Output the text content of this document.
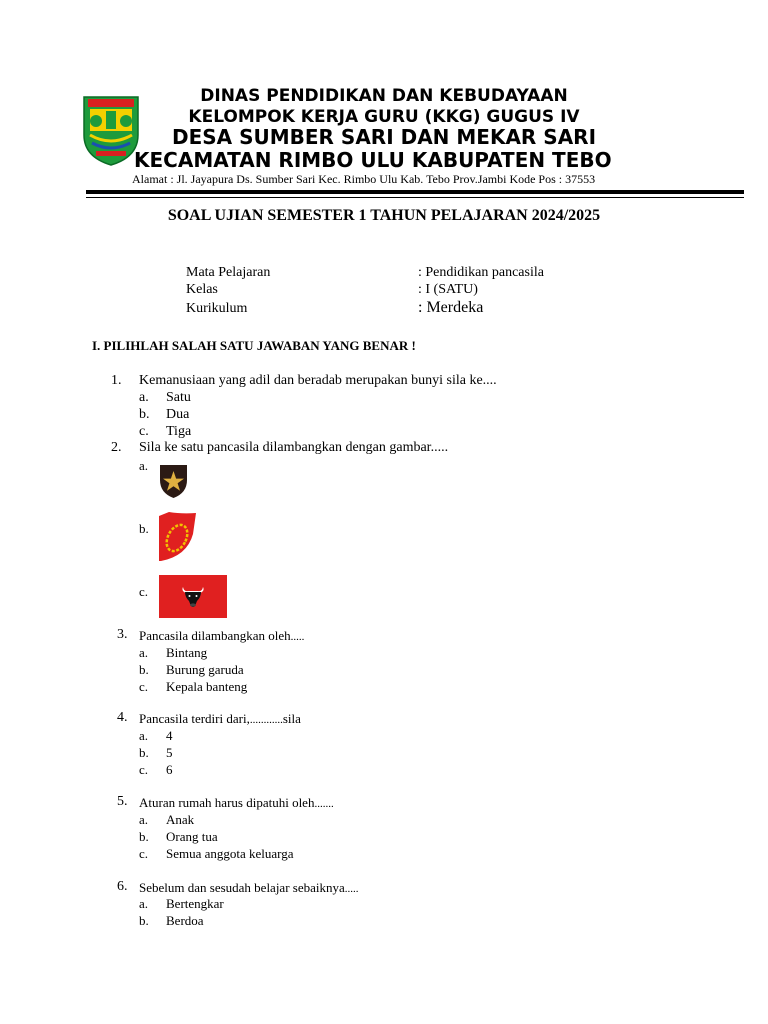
DINAS PENDIDIKAN DAN KEBUDAYAAN
KELOMPOK KERJA GURU (KKG) GUGUS IV
DESA SUMBER SARI DAN MEKAR SARI
KECAMATAN RIMBO ULU KABUPATEN TEBO
Alamat : Jl. Jayapura Ds. Sumber Sari Kec. Rimbo Ulu Kab. Tebo Prov.Jambi Kode Pos : 37553
SOAL UJIAN SEMESTER 1 TAHUN PELAJARAN 2024/2025
Mata Pelajaran	: Pendidikan pancasila
Kelas	: I (SATU)
Kurikulum	: Merdeka
I. PILIHLAH SALAH SATU JAWABAN YANG BENAR !
1. Kemanusiaan yang adil dan beradab merupakan bunyi sila ke....
a. Satu
b. Dua
c. Tiga
2. Sila ke satu pancasila dilambangkan dengan gambar.....
a.
b.
c.
3. Pancasila dilambangkan oleh.....
a. Bintang
b. Burung garuda
c. Kepala banteng
4. Pancasila terdiri dari,............sila
a. 4
b. 5
c. 6
5. Aturan rumah harus dipatuhi oleh.......
a. Anak
b. Orang tua
c. Semua anggota keluarga
6. Sebelum dan sesudah belajar sebaiknya.....
a. Bertengkar
b. Berdoa
